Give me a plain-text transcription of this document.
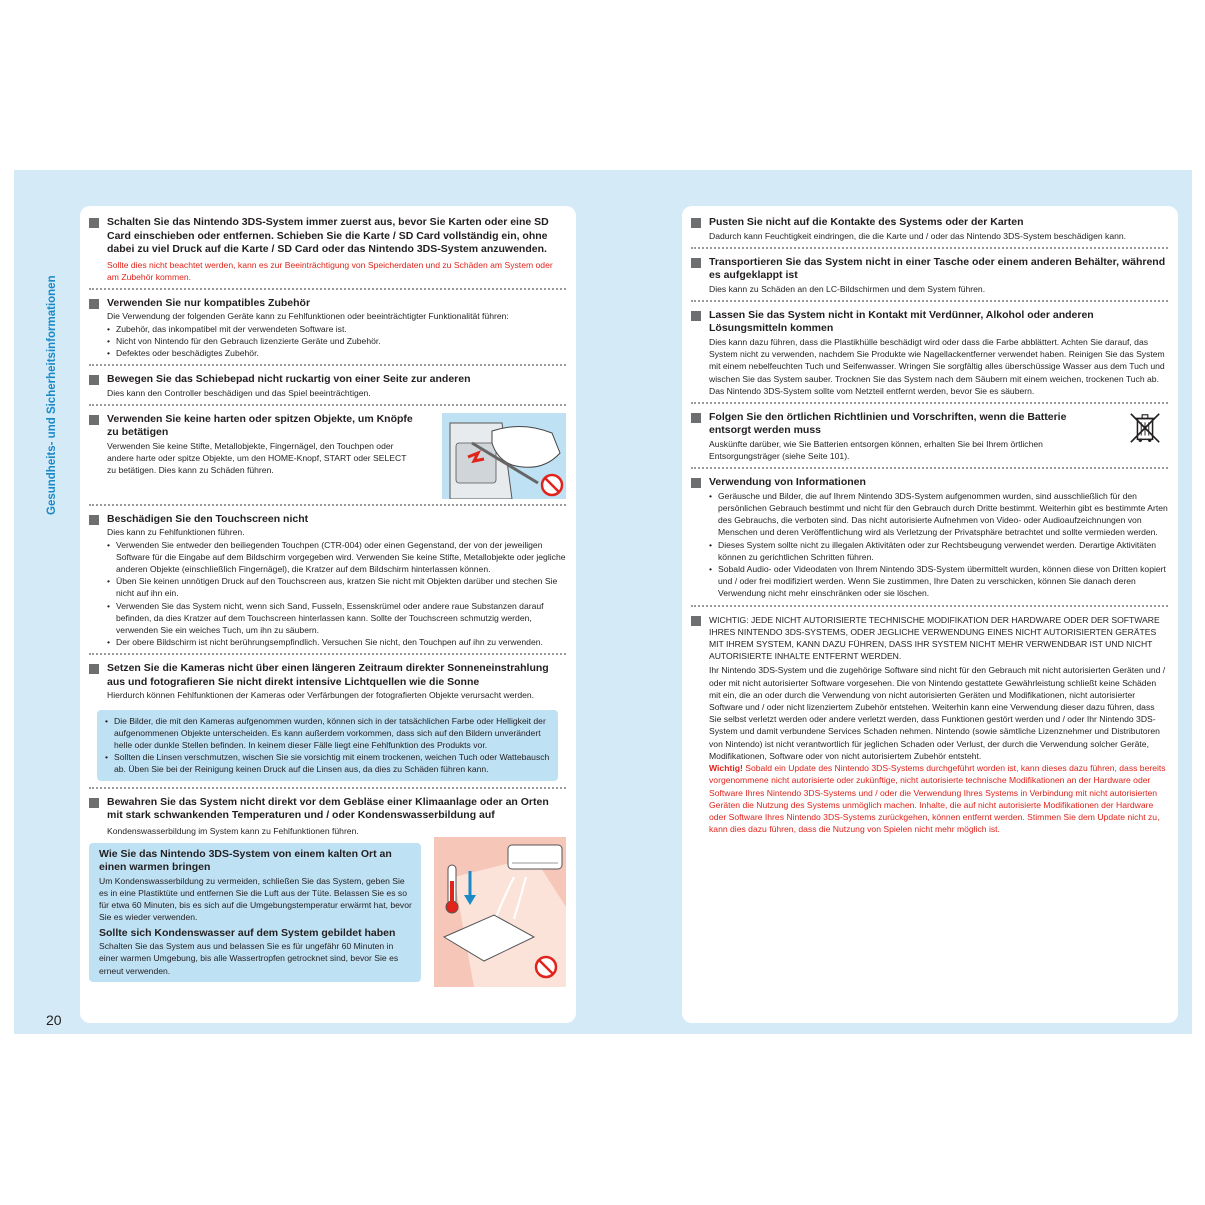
Gesundheits- und Sicherheitsinformationen
20
Schalten Sie das Nintendo 3DS-System immer zuerst aus, bevor Sie Karten oder eine SD Card einschieben oder entfernen. Schieben Sie die Karte / SD Card vollständig ein, ohne dabei zu viel Druck auf die Karte / SD Card oder das Nintendo 3DS-System anzuwenden.

Sollte dies nicht beachtet werden, kann es zur Beeinträchtigung von Speicherdaten und zu Schäden am System oder am Zubehör kommen.

Verwenden Sie nur kompatibles Zubehör

Die Verwendung der folgenden Geräte kann zu Fehlfunktionen oder beeinträchtigter Funktionalität führen:

• Zubehör, das inkompatibel mit der verwendeten Software ist.
• Nicht von Nintendo für den Gebrauch lizenzierte Geräte und Zubehör.
• Defektes oder beschädigtes Zubehör.
Bewegen Sie das Schiebepad nicht ruckartig von einer Seite zur anderen

Dies kann den Controller beschädigen und das Spiel beeinträchtigen.

Verwenden Sie keine harten oder spitzen Objekte, um Knöpfe zu betätigen

Verwenden Sie keine Stifte, Metallobjekte, Fingernägel, den Touchpen oder andere harte oder spitze Objekte, um den HOME-Knopf, START oder SELECT zu betätigen. Dies kann zu Schäden führen.

Beschädigen Sie den Touchscreen nicht

Dies kann zu Fehlfunktionen führen.

• Verwenden Sie entweder den beiliegenden Touchpen (CTR-004) oder einen Gegenstand, der von der jeweiligen Software für die Eingabe auf dem Bildschirm vorgegeben wird. Verwenden Sie keine Stifte, Metallobjekte oder jegliche anderen Objekte (einschließlich Fingernägel), die Kratzer auf dem Bildschirm hinterlassen können.
• Üben Sie keinen unnötigen Druck auf den Touchscreen aus, kratzen Sie nicht mit Objekten darüber und stechen Sie nicht auf ihn ein.
• Verwenden Sie das System nicht, wenn sich Sand, Fusseln, Essenskrümel oder andere raue Substanzen darauf befinden, da dies Kratzer auf dem Touchscreen hinterlassen kann. Sollte der Touchscreen schmutzig werden, verwenden Sie ein weiches Tuch, um ihn zu säubern.
• Der obere Bildschirm ist nicht berührungsempfindlich. Versuchen Sie nicht, den Touchpen auf ihn zu verwenden.
Setzen Sie die Kameras nicht über einen längeren Zeitraum direkter Sonneneinstrahlung aus und fotografieren Sie nicht direkt intensive Lichtquellen wie die Sonne

Hierdurch können Fehlfunktionen der Kameras oder Verfärbungen der fotografierten Objekte verursacht werden.

• Die Bilder, die mit den Kameras aufgenommen wurden, können sich in der tatsächlichen Farbe oder Helligkeit der aufgenommenen Objekte unterscheiden. Es kann außerdem vorkommen, dass sich auf den Bildern unverändert helle oder dunkle Stellen befinden. In keinem dieser Fälle liegt eine Fehlfunktion des Produkts vor.
• Sollten die Linsen verschmutzen, wischen Sie sie vorsichtig mit einem trockenen, weichen Tuch oder Wattebausch ab. Üben Sie bei der Reinigung keinen Druck auf die Linsen aus, da dies zu Schäden führen kann.
Bewahren Sie das System nicht direkt vor dem Gebläse einer Klimaanlage oder an Orten mit stark schwankenden Temperaturen und / oder Kondenswasserbildung auf

Kondenswasserbildung im System kann zu Fehlfunktionen führen.

Wie Sie das Nintendo 3DS-System von einem kalten Ort an einen warmen bringen

Um Kondenswasserbildung zu vermeiden, schließen Sie das System, geben Sie es in eine Plastiktüte und entfernen Sie die Luft aus der Tüte. Belassen Sie es so für etwa 60 Minuten, bis es sich auf die Umgebungstemperatur erwärmt hat, bevor Sie es wieder verwenden.

Sollte sich Kondenswasser auf dem System gebildet haben

Schalten Sie das System aus und belassen Sie es für ungefähr 60 Minuten in einer warmen Umgebung, bis alle Wassertropfen getrocknet sind, bevor Sie es erneut verwenden.

Pusten Sie nicht auf die Kontakte des Systems oder der Karten

Dadurch kann Feuchtigkeit eindringen, die die Karte und / oder das Nintendo 3DS-System beschädigen kann.

Transportieren Sie das System nicht in einer Tasche oder einem anderen Behälter, während es aufgeklappt ist

Dies kann zu Schäden an den LC-Bildschirmen und dem System führen.

Lassen Sie das System nicht in Kontakt mit Verdünner, Alkohol oder anderen Lösungsmitteln kommen

Dies kann dazu führen, dass die Plastikhülle beschädigt wird oder dass die Farbe abblättert. Achten Sie darauf, das System nicht zu verwenden, nachdem Sie Produkte wie Nagellackentferner verwendet haben. Reinigen Sie das System mit einem nebelfeuchten Tuch und Seifenwasser. Wringen Sie sorgfältig alles überschüssige Wasser aus dem Tuch und wischen Sie das System sauber. Trocknen Sie das System nach dem Säubern mit einem weichen, trockenen Tuch ab. Das Nintendo 3DS-System sollte vom Netzteil entfernt werden, bevor Sie es säubern.

Folgen Sie den örtlichen Richtlinien und Vorschriften, wenn die Batterie entsorgt werden muss

Auskünfte darüber, wie Sie Batterien entsorgen können, erhalten Sie bei Ihrem örtlichen Entsorgungsträger (siehe Seite 101).

Verwendung von Informationen
• Geräusche und Bilder, die auf Ihrem Nintendo 3DS-System aufgenommen wurden, sind ausschließlich für den persönlichen Gebrauch bestimmt und nicht für den Gebrauch durch Dritte bestimmt. Weiterhin gibt es bestimmte Arten des Gebrauchs, die verboten sind. Das nicht autorisierte Aufnehmen von Video- oder Audioaufzeichnungen von Menschen und deren Veröffentlichung wird als Verletzung der Privatsphäre betrachtet und sollte vermieden werden.
• Dieses System sollte nicht zu illegalen Aktivitäten oder zur Rechtsbeugung verwendet werden. Derartige Aktivitäten können zu gerichtlichen Schritten führen.
• Sobald Audio- oder Videodaten von Ihrem Nintendo 3DS-System übermittelt wurden, können diese von Dritten kopiert und / oder frei modifiziert werden. Wenn Sie zustimmen, Ihre Daten zu verschicken, können Sie danach deren Verwendung nicht mehr einschränken oder sie löschen.

WICHTIG: JEDE NICHT AUTORISIERTE TECHNISCHE MODIFIKATION DER HARDWARE ODER DER SOFTWARE IHRES NINTENDO 3DS-SYSTEMS, ODER JEGLICHE VERWENDUNG EINES NICHT AUTORISIERTEN GERÄTES MIT IHREM SYSTEM, KANN DAZU FÜHREN, DASS IHR SYSTEM NICHT MEHR VERWENDBAR IST UND NICHT AUTORISIERTE INHALTE ENTFERNT WERDEN.

Ihr Nintendo 3DS-System und die zugehörige Software sind nicht für den Gebrauch mit nicht autorisierten Geräten und / oder mit nicht autorisierter Software vorgesehen. Die von Nintendo gestattete Gewährleistung schließt keine Schäden mit ein, die an oder durch die Verwendung von nicht autorisierten Geräten und Modifikationen, nicht autorisierter Software und / oder nicht lizenziertem Zubehör entstehen. Weiterhin kann eine Verwendung dieser dazu führen, dass Sie selbst verletzt werden oder andere verletzt werden, dass Funktionen gestört werden und / oder Ihr Nintendo 3DS-System und damit verbundene Services Schaden nehmen. Nintendo (sowie sämtliche Lizenznehmer und Distributoren von Nintendo) ist nicht verantwortlich für jeglichen Schaden oder Verlust, der durch die Verwendung solcher Geräte, Modifikationen, Software oder von nicht autorisiertem Zubehör entsteht.

Wichtig! Sobald ein Update des Nintendo 3DS-Systems durchgeführt worden ist, kann dieses dazu führen, dass bereits vorgenommene nicht autorisierte oder zukünftige, nicht autorisierte technische Modifikationen an der Hardware oder Software Ihres Nintendo 3DS-Systems und / oder die Verwendung Ihres Systems in Verbindung mit nicht autorisierten Geräten die Nutzung des Systems unmöglich machen. Inhalte, die auf nicht autorisierte Modifikationen der Hardware oder Software Ihres Nintendo 3DS-Systems zurückgehen, können entfernt werden. Stimmen Sie dem Update nicht zu, kann dies dazu führen, dass die Nutzung von Spielen nicht mehr möglich ist.
